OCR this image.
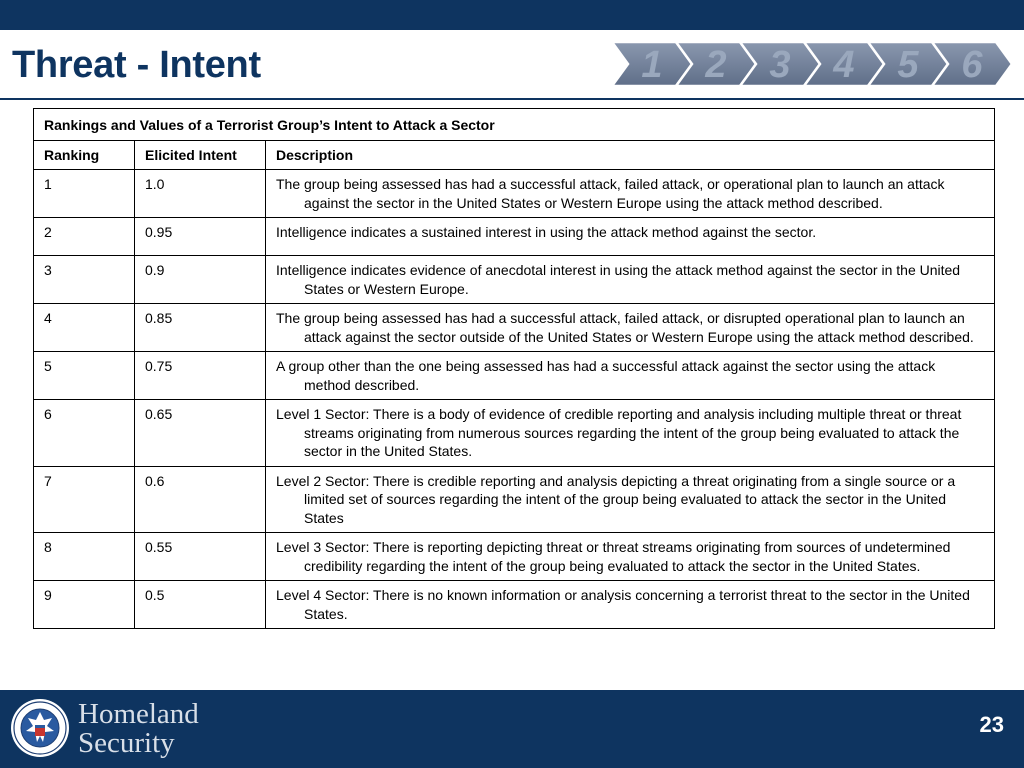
Threat - Intent	1 2 3 4 5 6
Rankings and Values of a Terrorist Group’s Intent to Attack a Sector		
Ranking	Elicited Intent	Description
1	1.0	The group being assessed has had a successful attack, failed attack, or operational plan to launch an attack against the sector in the United States or Western Europe using the attack method described.
2	0.95	Intelligence indicates a sustained interest in using the attack method against the sector.
3	0.9	Intelligence indicates evidence of anecdotal interest in using the attack method against the sector in the United States or Western Europe.
4	0.85	The group being assessed has had a successful attack, failed attack, or disrupted operational plan to launch an attack against the sector outside of the United States or Western Europe using the attack method described.
5	0.75	A group other than the one being assessed has had a successful attack against the sector using the attack method described.
6	0.65	Level 1 Sector: There is a body of evidence of credible reporting and analysis including multiple threat or threat streams originating from numerous sources regarding the intent of the group being evaluated to attack the sector in the United States.
7	0.6	Level 2 Sector: There is credible reporting and analysis depicting a threat originating from a single source or a limited set of sources regarding the intent of the group being evaluated to attack the sector in the United States
8	0.55	Level 3 Sector: There is reporting depicting threat or threat streams originating from sources of undetermined credibility regarding the intent of the group being evaluated to attack the sector in the United States.
9	0.5	Level 4 Sector: There is no known information or analysis concerning a terrorist threat to the sector in the United States.
Homeland
Security
23
